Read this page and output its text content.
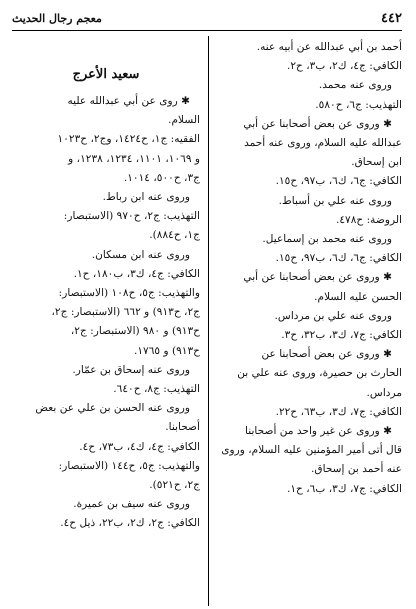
٤٤٢
معجم رجال الحديث
أحمد بن أبي عبدالله عن أبيه عنه.
الكافي: ج٤، ك٢، ب٣، ح٢.
وروى عنه محمد.
التهذيب: ج٦، ح٥٨٠.
✱ وروى عن بعض أصحابنا عن أبي
عبدالله عليه السلام، وروى عنه أحمد
ابن إسحاق.
الكافي: ج٦، ك٦، ب٩٧، ح١٥.
وروى عنه علي بن أسباط.
الروضة: ح٤٧٨.
وروى عنه محمد بن إسماعيل.
الكافي: ج٦، ك٦، ب٩٧، ح١٥.
✱ وروى عن بعض أصحابنا عن أبي
الحسن عليه السلام.
وروى عنه علي بن مرداس.
الكافي: ج٧، ك٣، ب٣٢، ح٣.
✱ وروى عن بعض أصحابنا عن
الحارث بن حصيرة، وروى عنه علي بن
مرداس.
الكافي: ج٧، ك٣، ب٦٣، ح٢٢.
✱ وروى عن غير واحد من أصحابنا
قال أتى أمير المؤمنين عليه السلام، وروى
عنه أحمد بن إسحاق.
الكافي: ج٧، ك٣، ب٦، ح١.
سعيد الأعرج
✱ روى عن أبي عبدالله عليه
السلام.
الفقيه: ج١، ح١٤٢٤، وج٢، ح١٠٢٣
و ١٠٦٩، ١١٠١، ١٢٣٤، ١٢٣٨، و
ج٣، ح٥٠٠، ١٠١٤.
وروى عنه ابن رباط.
التهذيب: ج٢، ح٩٧٠ (الاستبصار:
ج١، ح٨٨٤).
وروى عنه ابن مسكان.
الكافي: ج٤، ك٣، ب١٨٠، ح١.
والتهذيب: ج٥، ح١٠٨ (الاستبصار:
ج٢، ح٩١٣) و ٦٦٢ (الاستبصار: ج٢،
ح٩١٣) و ٩٨٠ (الاستبصار: ج٢،
ح٩١٣) و ١٧٦٥.
وروى عنه إسحاق بن عمّار.
التهذيب: ج٨، ح٦٤٠.
وروى عنه الحسن بن علي عن بعض
أصحابنا.
الكافي: ج٤، ك٤، ب٧٣، ح٤.
والتهذيب: ج٥، ح١٤٤ (الاستبصار:
ج٢، ح٥٢١).
وروى عنه سيف بن عميرة.
الكافي: ج٢، ك٢، ب٢٢، ذيل ح٤.
